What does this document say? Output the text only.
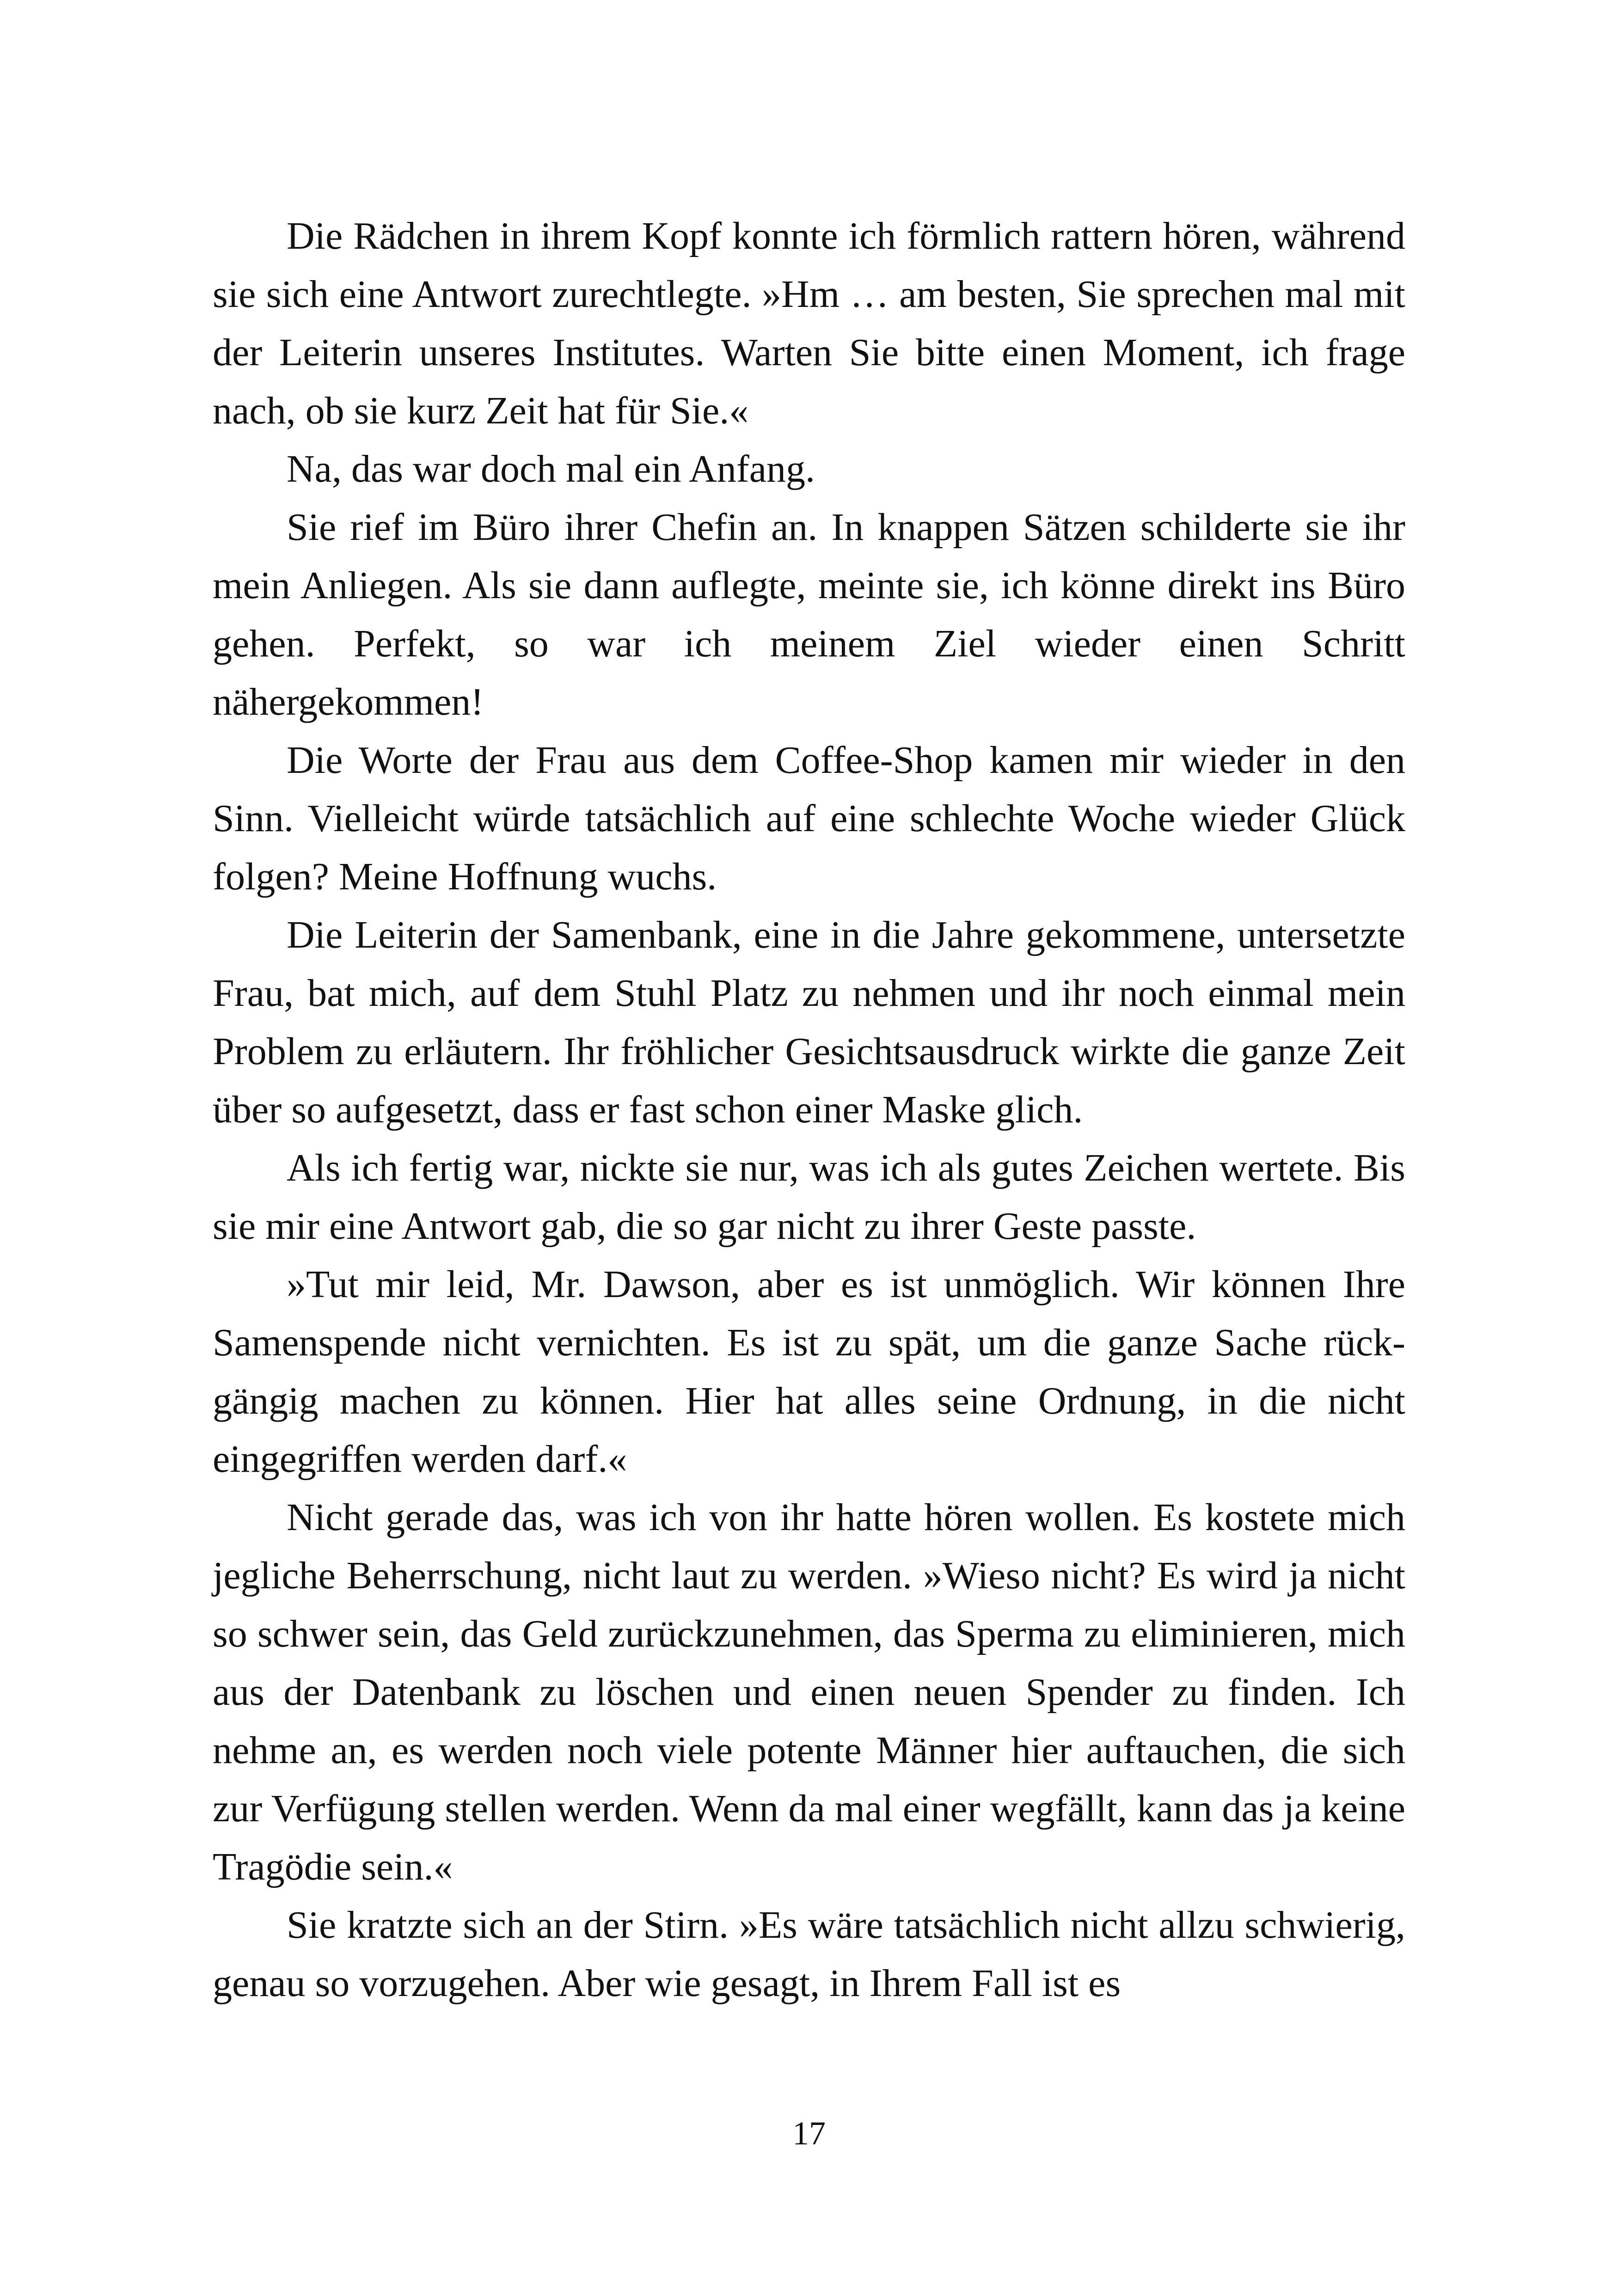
Die Rädchen in ihrem Kopf konnte ich förmlich rattern hören, während sie sich eine Antwort zurechtlegte. »Hm … am besten, Sie sprechen mal mit der Leiterin unseres Institutes. Warten Sie bitte einen Moment, ich frage nach, ob sie kurz Zeit hat für Sie.«

Na, das war doch mal ein Anfang.

Sie rief im Büro ihrer Chefin an. In knappen Sätzen schilderte sie ihr mein Anliegen. Als sie dann auflegte, meinte sie, ich könne direkt ins Büro gehen. Perfekt, so war ich meinem Ziel wieder einen Schritt nähergekommen!

Die Worte der Frau aus dem Coffee-Shop kamen mir wieder in den Sinn. Vielleicht würde tatsächlich auf eine schlechte Woche wieder Glück folgen? Meine Hoffnung wuchs.

Die Leiterin der Samenbank, eine in die Jahre gekommene, untersetzte Frau, bat mich, auf dem Stuhl Platz zu nehmen und ihr noch einmal mein Problem zu erläutern. Ihr fröhlicher Gesichtsausdruck wirkte die ganze Zeit über so aufgesetzt, dass er fast schon einer Maske glich.

Als ich fertig war, nickte sie nur, was ich als gutes Zeichen wertete. Bis sie mir eine Antwort gab, die so gar nicht zu ihrer Geste passte.

»Tut mir leid, Mr. Dawson, aber es ist unmöglich. Wir können Ihre Samenspende nicht vernichten. Es ist zu spät, um die ganze Sache rückgängig machen zu können. Hier hat alles seine Ordnung, in die nicht eingegriffen werden darf.«

Nicht gerade das, was ich von ihr hatte hören wollen. Es kostete mich jegliche Beherrschung, nicht laut zu werden. »Wieso nicht? Es wird ja nicht so schwer sein, das Geld zurückzunehmen, das Sperma zu eliminieren, mich aus der Datenbank zu löschen und einen neuen Spender zu finden. Ich nehme an, es werden noch viele potente Männer hier auftauchen, die sich zur Verfügung stellen werden. Wenn da mal einer wegfällt, kann das ja keine Tragödie sein.«

Sie kratzte sich an der Stirn. »Es wäre tatsächlich nicht allzu schwierig, genau so vorzugehen. Aber wie gesagt, in Ihrem Fall ist es

17
